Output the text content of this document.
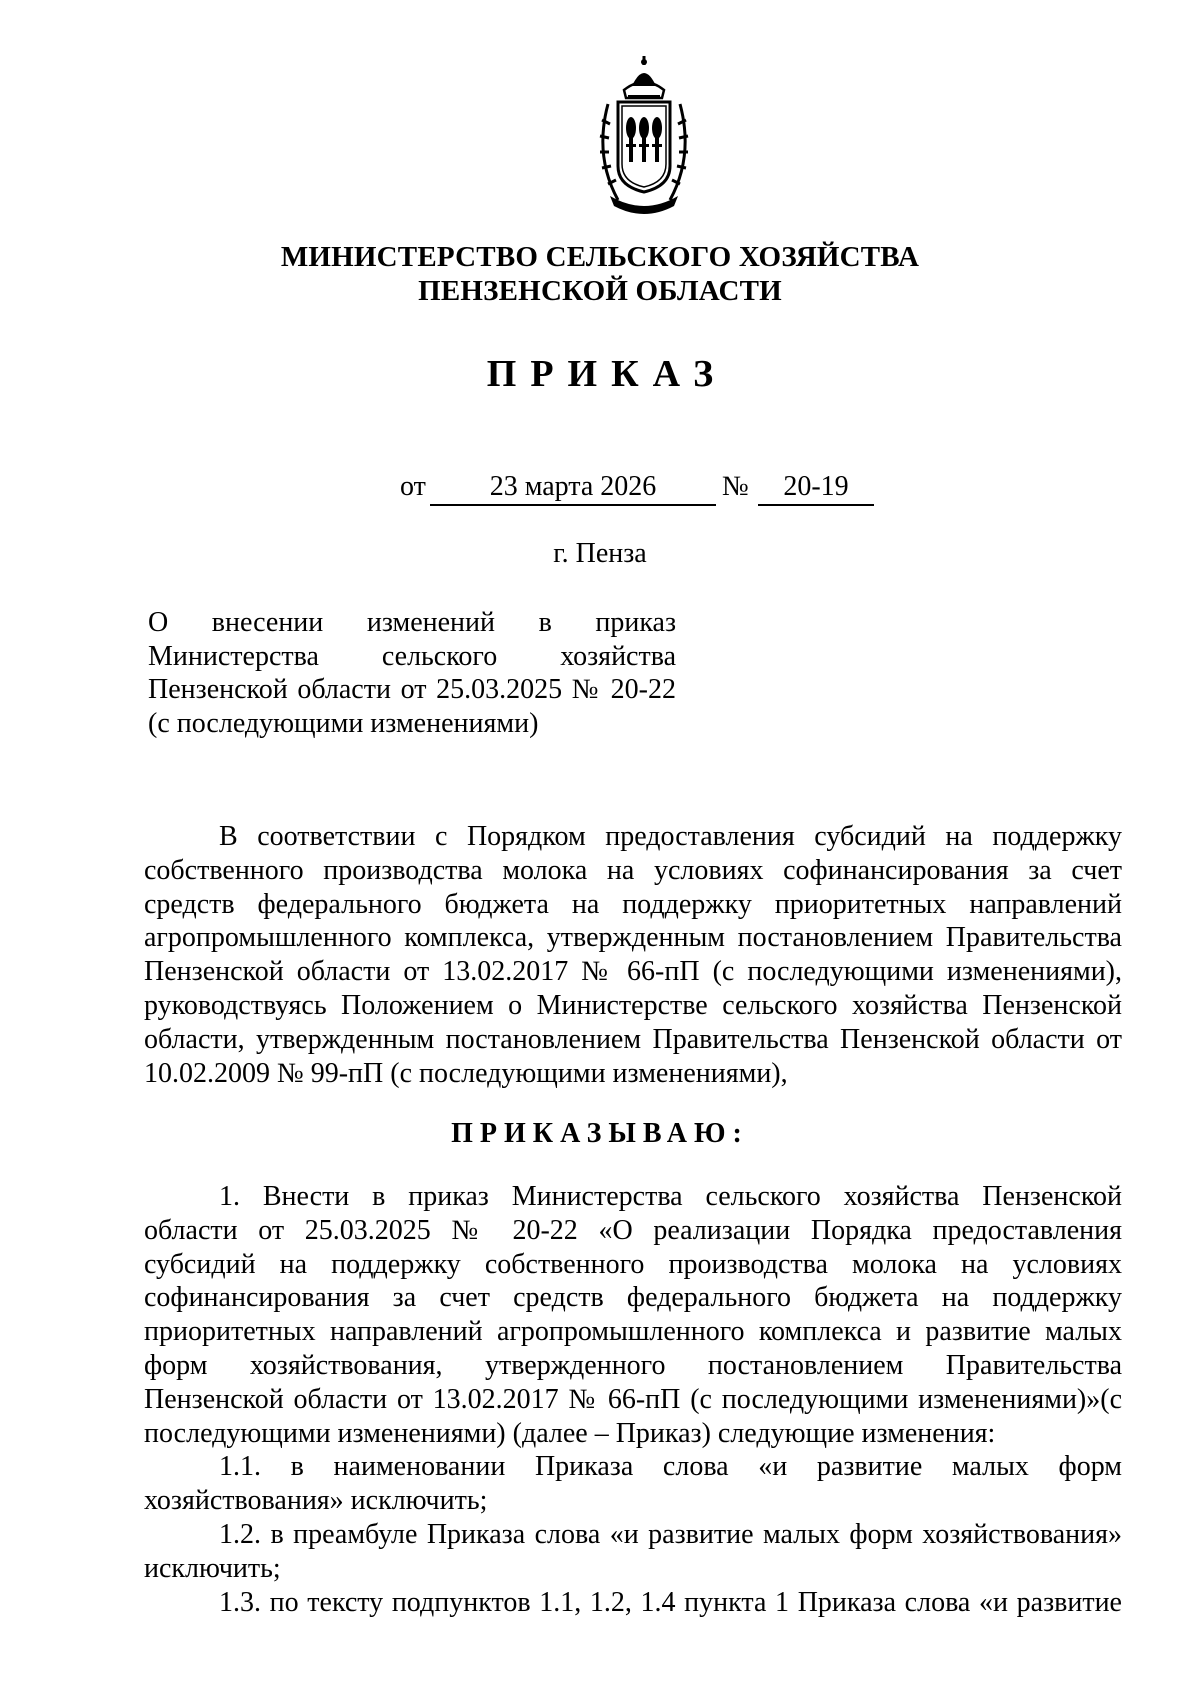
МИНИСТЕРСТВО СЕЛЬСКОГО ХОЗЯЙСТВА
ПЕНЗЕНСКОЙ ОБЛАСТИ
ПРИКАЗ
от	23 марта 2026	№	20-19
г. Пенза
О внесении изменений в приказ
Министерства сельского хозяйства
Пензенской области от 25.03.2025 № 20-22
(с последующими изменениями)
В соответствии с Порядком предоставления субсидий на поддержку
собственного производства молока на условиях софинансирования за счет
средств федерального бюджета на поддержку приоритетных направлений
агропромышленного комплекса, утвержденным постановлением Правительства
Пензенской области от 13.02.2017 № 66-пП (с последующими изменениями),
руководствуясь Положением о Министерстве сельского хозяйства Пензенской
области, утвержденным постановлением Правительства Пензенской области от
10.02.2009 № 99-пП (с последующими изменениями),
ПРИКАЗЫВАЮ:
1. Внести в приказ Министерства сельского хозяйства Пензенской
области от 25.03.2025 № 20-22 «О реализации Порядка предоставления
субсидий на поддержку собственного производства молока на условиях
софинансирования за счет средств федерального бюджета на поддержку
приоритетных направлений агропромышленного комплекса и развитие малых
форм хозяйствования, утвержденного постановлением Правительства
Пензенской области от 13.02.2017 № 66-пП (с последующими изменениями)»(с
последующими изменениями) (далее – Приказ) следующие изменения:
1.1. в наименовании Приказа слова «и развитие малых форм
хозяйствования» исключить;
1.2. в преамбуле Приказа слова «и развитие малых форм хозяйствования»
исключить;
1.3. по тексту подпунктов 1.1, 1.2, 1.4 пункта 1 Приказа слова «и развитие
